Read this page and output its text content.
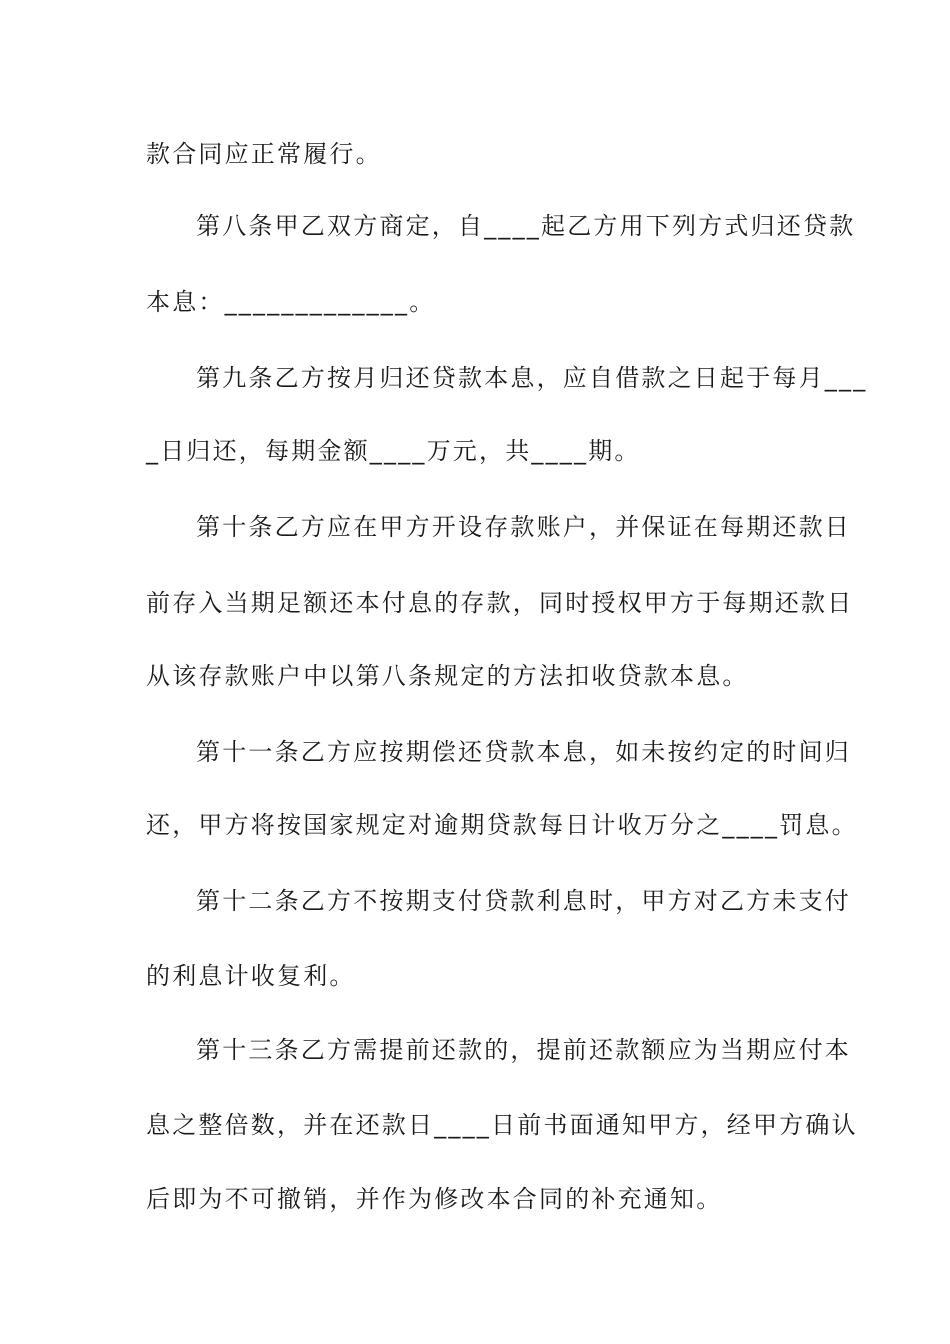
款合同应正常履行。
第八条甲乙双方商定，自____起乙方用下列方式归还贷款
本息：_____________。
第九条乙方按月归还贷款本息，应自借款之日起于每月___
_日归还，每期金额____万元，共____期。
第十条乙方应在甲方开设存款账户，并保证在每期还款日
前存入当期足额还本付息的存款，同时授权甲方于每期还款日
从该存款账户中以第八条规定的方法扣收贷款本息。
第十一条乙方应按期偿还贷款本息，如未按约定的时间归
还，甲方将按国家规定对逾期贷款每日计收万分之____罚息。
第十二条乙方不按期支付贷款利息时，甲方对乙方未支付
的利息计收复利。
第十三条乙方需提前还款的，提前还款额应为当期应付本
息之整倍数，并在还款日____日前书面通知甲方，经甲方确认
后即为不可撤销，并作为修改本合同的补充通知。
